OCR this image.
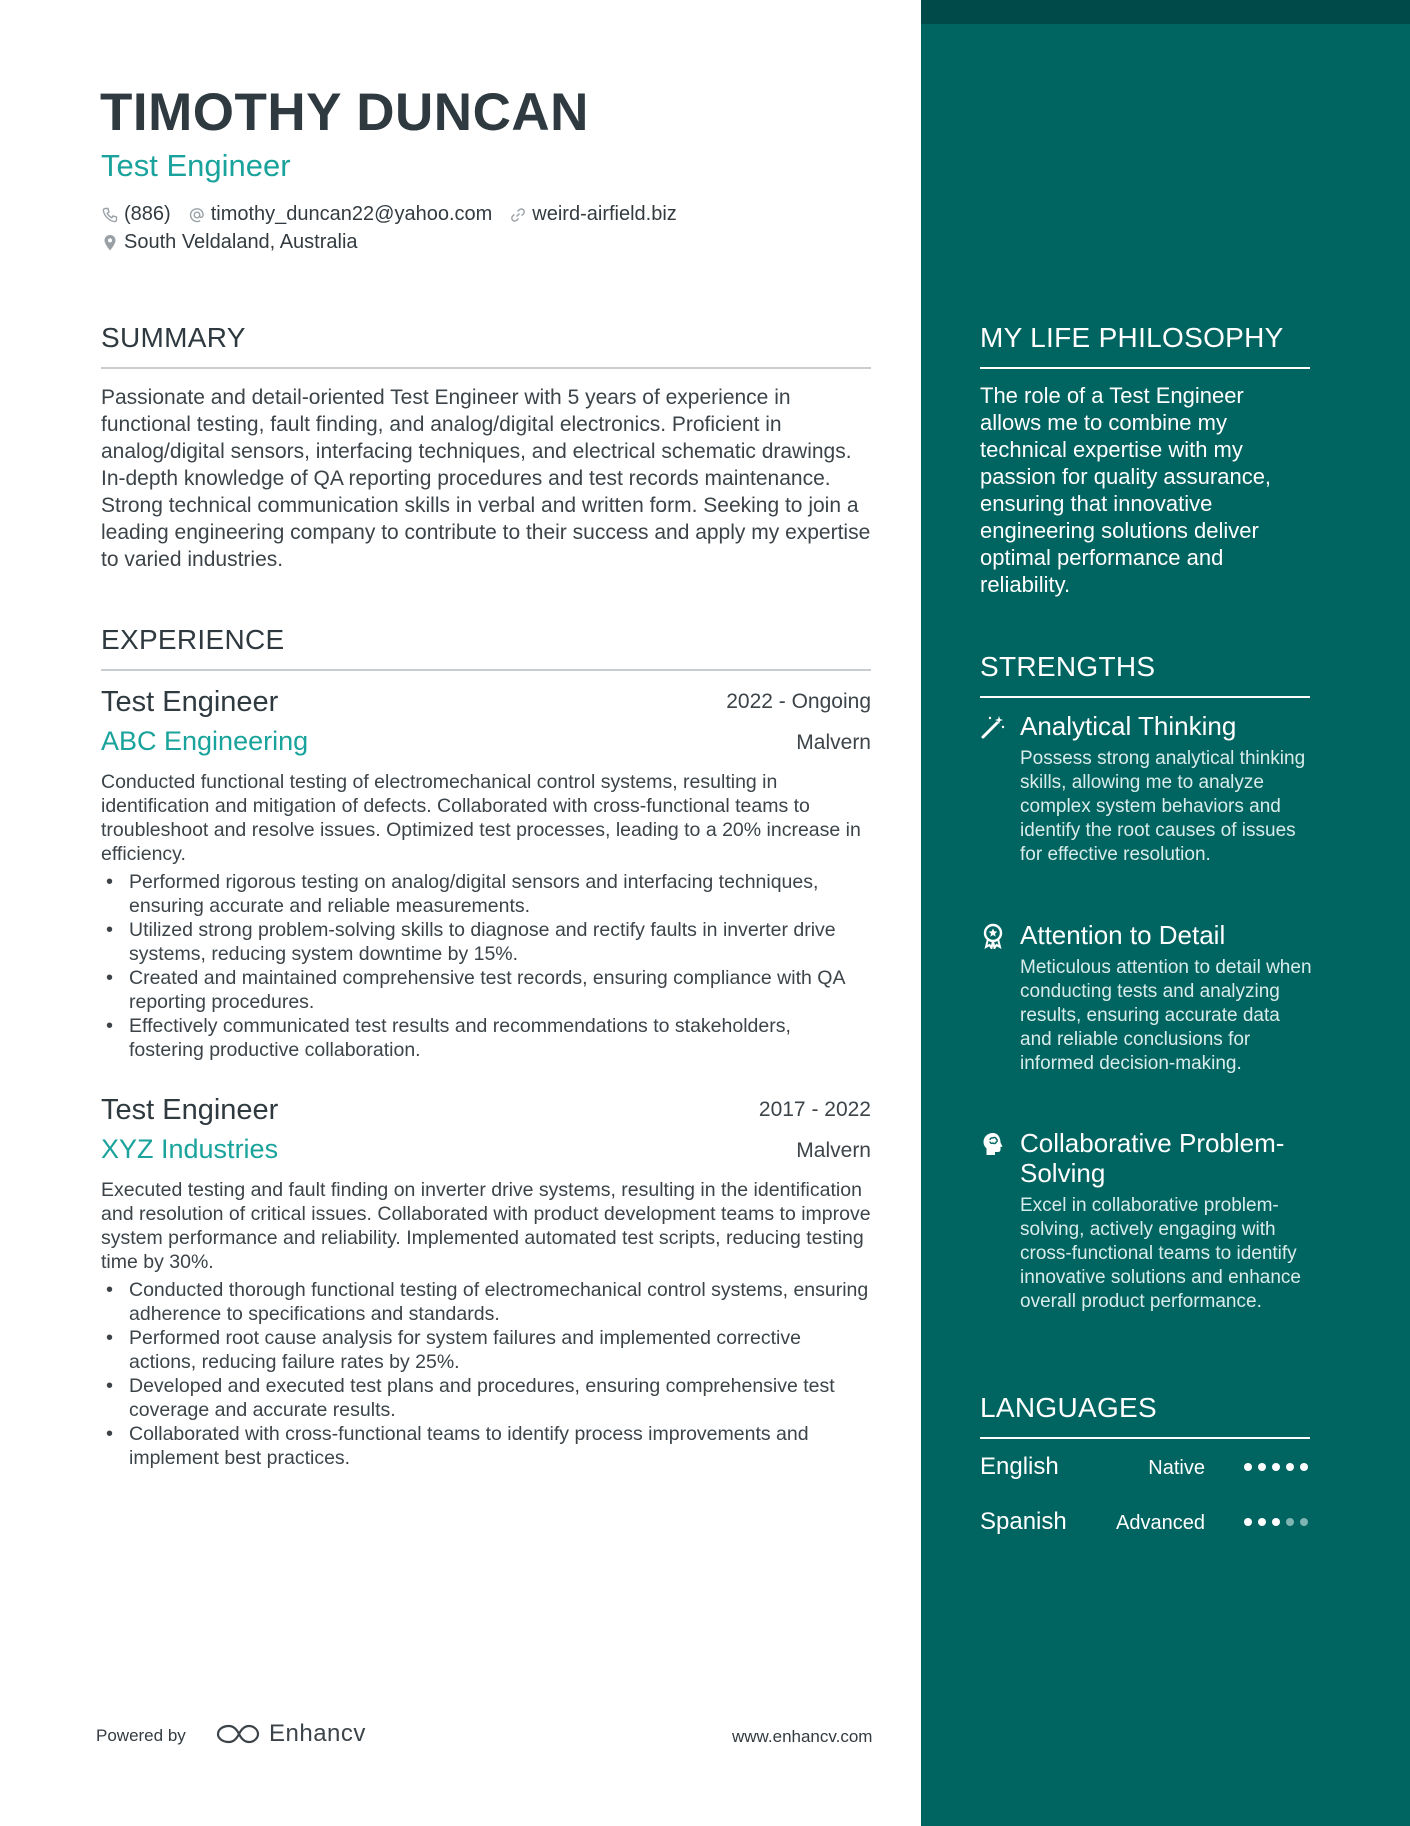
TIMOTHY DUNCAN
Test Engineer
(886) timothy_duncan22@yahoo.com weird-airfield.biz
South Veldaland, Australia
SUMMARY
Passionate and detail-oriented Test Engineer with 5 years of experience in functional testing, fault finding, and analog/digital electronics. Proficient in analog/digital sensors, interfacing techniques, and electrical schematic drawings. In-depth knowledge of QA reporting procedures and test records maintenance. Strong technical communication skills in verbal and written form. Seeking to join a leading engineering company to contribute to their success and apply my expertise to varied industries.
EXPERIENCE
Test Engineer	2022 - Ongoing
ABC Engineering	Malvern
Conducted functional testing of electromechanical control systems, resulting in identification and mitigation of defects. Collaborated with cross-functional teams to troubleshoot and resolve issues. Optimized test processes, leading to a 20% increase in efficiency.
• Performed rigorous testing on analog/digital sensors and interfacing techniques, ensuring accurate and reliable measurements.
• Utilized strong problem-solving skills to diagnose and rectify faults in inverter drive systems, reducing system downtime by 15%.
• Created and maintained comprehensive test records, ensuring compliance with QA reporting procedures.
• Effectively communicated test results and recommendations to stakeholders, fostering productive collaboration.
Test Engineer	2017 - 2022
XYZ Industries	Malvern
Executed testing and fault finding on inverter drive systems, resulting in the identification and resolution of critical issues. Collaborated with product development teams to improve system performance and reliability. Implemented automated test scripts, reducing testing time by 30%.
• Conducted thorough functional testing of electromechanical control systems, ensuring adherence to specifications and standards.
• Performed root cause analysis for system failures and implemented corrective actions, reducing failure rates by 25%.
• Developed and executed test plans and procedures, ensuring comprehensive test coverage and accurate results.
• Collaborated with cross-functional teams to identify process improvements and implement best practices.
Powered by	Enhancv	www.enhancv.com
MY LIFE PHILOSOPHY
The role of a Test Engineer allows me to combine my technical expertise with my passion for quality assurance, ensuring that innovative engineering solutions deliver optimal performance and reliability.
STRENGTHS
Analytical Thinking
Possess strong analytical thinking skills, allowing me to analyze complex system behaviors and identify the root causes of issues for effective resolution.
Attention to Detail
Meticulous attention to detail when conducting tests and analyzing results, ensuring accurate data and reliable conclusions for informed decision-making.
Collaborative Problem-Solving
Excel in collaborative problem-solving, actively engaging with cross-functional teams to identify innovative solutions and enhance overall product performance.
LANGUAGES
English	Native
Spanish Advanced
